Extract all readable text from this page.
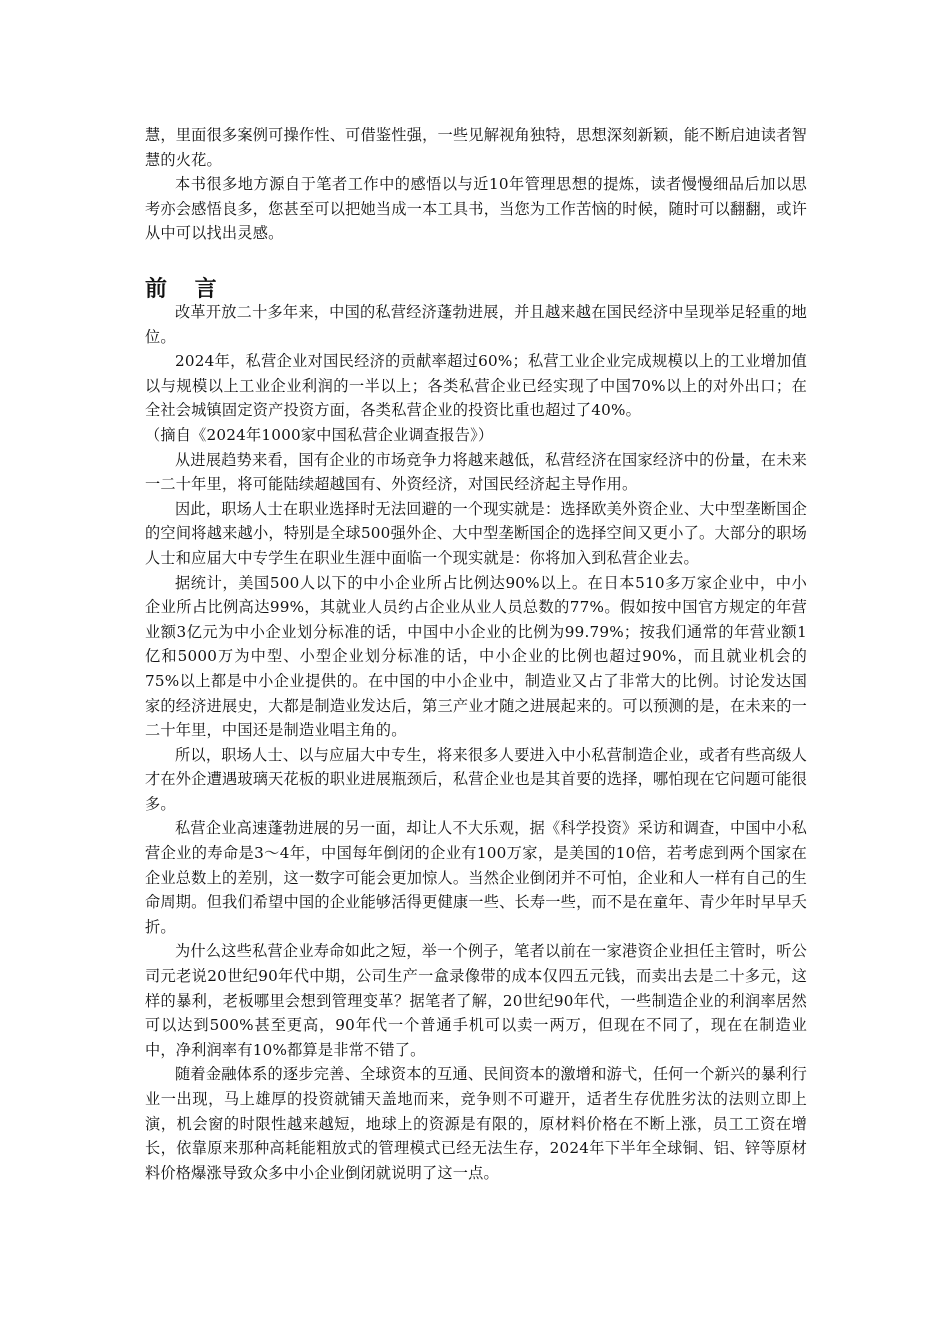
慧，里面很多案例可操作性、可借鉴性强，一些见解视角独特，思想深刻新颖，能不断启迪读者智慧的火花。

本书很多地方源自于笔者工作中的感悟以与近10年管理思想的提炼，读者慢慢细品后加以思考亦会感悟良多，您甚至可以把她当成一本工具书，当您为工作苦恼的时候，随时可以翻翻，或许从中可以找出灵感。

前 言

改革开放二十多年来，中国的私营经济蓬勃进展，并且越来越在国民经济中呈现举足轻重的地位。

2024年，私营企业对国民经济的贡献率超过60%；私营工业企业完成规模以上的工业增加值以与规模以上工业企业利润的一半以上；各类私营企业已经实现了中国70%以上的对外出口；在全社会城镇固定资产投资方面，各类私营企业的投资比重也超过了40%。

（摘自《2024年1000家中国私营企业调查报告》）

从进展趋势来看，国有企业的市场竞争力将越来越低，私营经济在国家经济中的份量，在未来一二十年里，将可能陆续超越国有、外资经济，对国民经济起主导作用。

因此，职场人士在职业选择时无法回避的一个现实就是：选择欧美外资企业、大中型垄断国企的空间将越来越小，特别是全球500强外企、大中型垄断国企的选择空间又更小了。大部分的职场人士和应届大中专学生在职业生涯中面临一个现实就是：你将加入到私营企业去。

据统计，美国500人以下的中小企业所占比例达90%以上。在日本510多万家企业中，中小企业所占比例高达99%，其就业人员约占企业从业人员总数的77%。假如按中国官方规定的年营业额3亿元为中小企业划分标准的话，中国中小企业的比例为99.79%；按我们通常的年营业额1亿和5000万为中型、小型企业划分标准的话，中小企业的比例也超过90%，而且就业机会的75%以上都是中小企业提供的。在中国的中小企业中，制造业又占了非常大的比例。讨论发达国家的经济进展史，大都是制造业发达后，第三产业才随之进展起来的。可以预测的是，在未来的一二十年里，中国还是制造业唱主角的。

所以，职场人士、以与应届大中专生，将来很多人要进入中小私营制造企业，或者有些高级人才在外企遭遇玻璃天花板的职业进展瓶颈后，私营企业也是其首要的选择，哪怕现在它问题可能很多。

私营企业高速蓬勃进展的另一面，却让人不大乐观，据《科学投资》采访和调查，中国中小私营企业的寿命是3～4年，中国每年倒闭的企业有100万家，是美国的10倍，若考虑到两个国家在企业总数上的差别，这一数字可能会更加惊人。当然企业倒闭并不可怕，企业和人一样有自己的生命周期。但我们希望中国的企业能够活得更健康一些、长寿一些，而不是在童年、青少年时早早夭折。

为什么这些私营企业寿命如此之短，举一个例子，笔者以前在一家港资企业担任主管时，听公司元老说20世纪90年代中期，公司生产一盒录像带的成本仅四五元钱，而卖出去是二十多元，这样的暴利，老板哪里会想到管理变革？据笔者了解，20世纪90年代，一些制造企业的利润率居然可以达到500%甚至更高，90年代一个普通手机可以卖一两万，但现在不同了，现在在制造业中，净利润率有10%都算是非常不错了。

随着金融体系的逐步完善、全球资本的互通、民间资本的激增和游弋，任何一个新兴的暴利行业一出现，马上雄厚的投资就铺天盖地而来，竞争则不可避开，适者生存优胜劣汰的法则立即上演，机会窗的时限性越来越短，地球上的资源是有限的，原材料价格在不断上涨，员工工资在增长，依靠原来那种高耗能粗放式的管理模式已经无法生存，2024年下半年全球铜、铝、锌等原材料价格爆涨导致众多中小企业倒闭就说明了这一点。
